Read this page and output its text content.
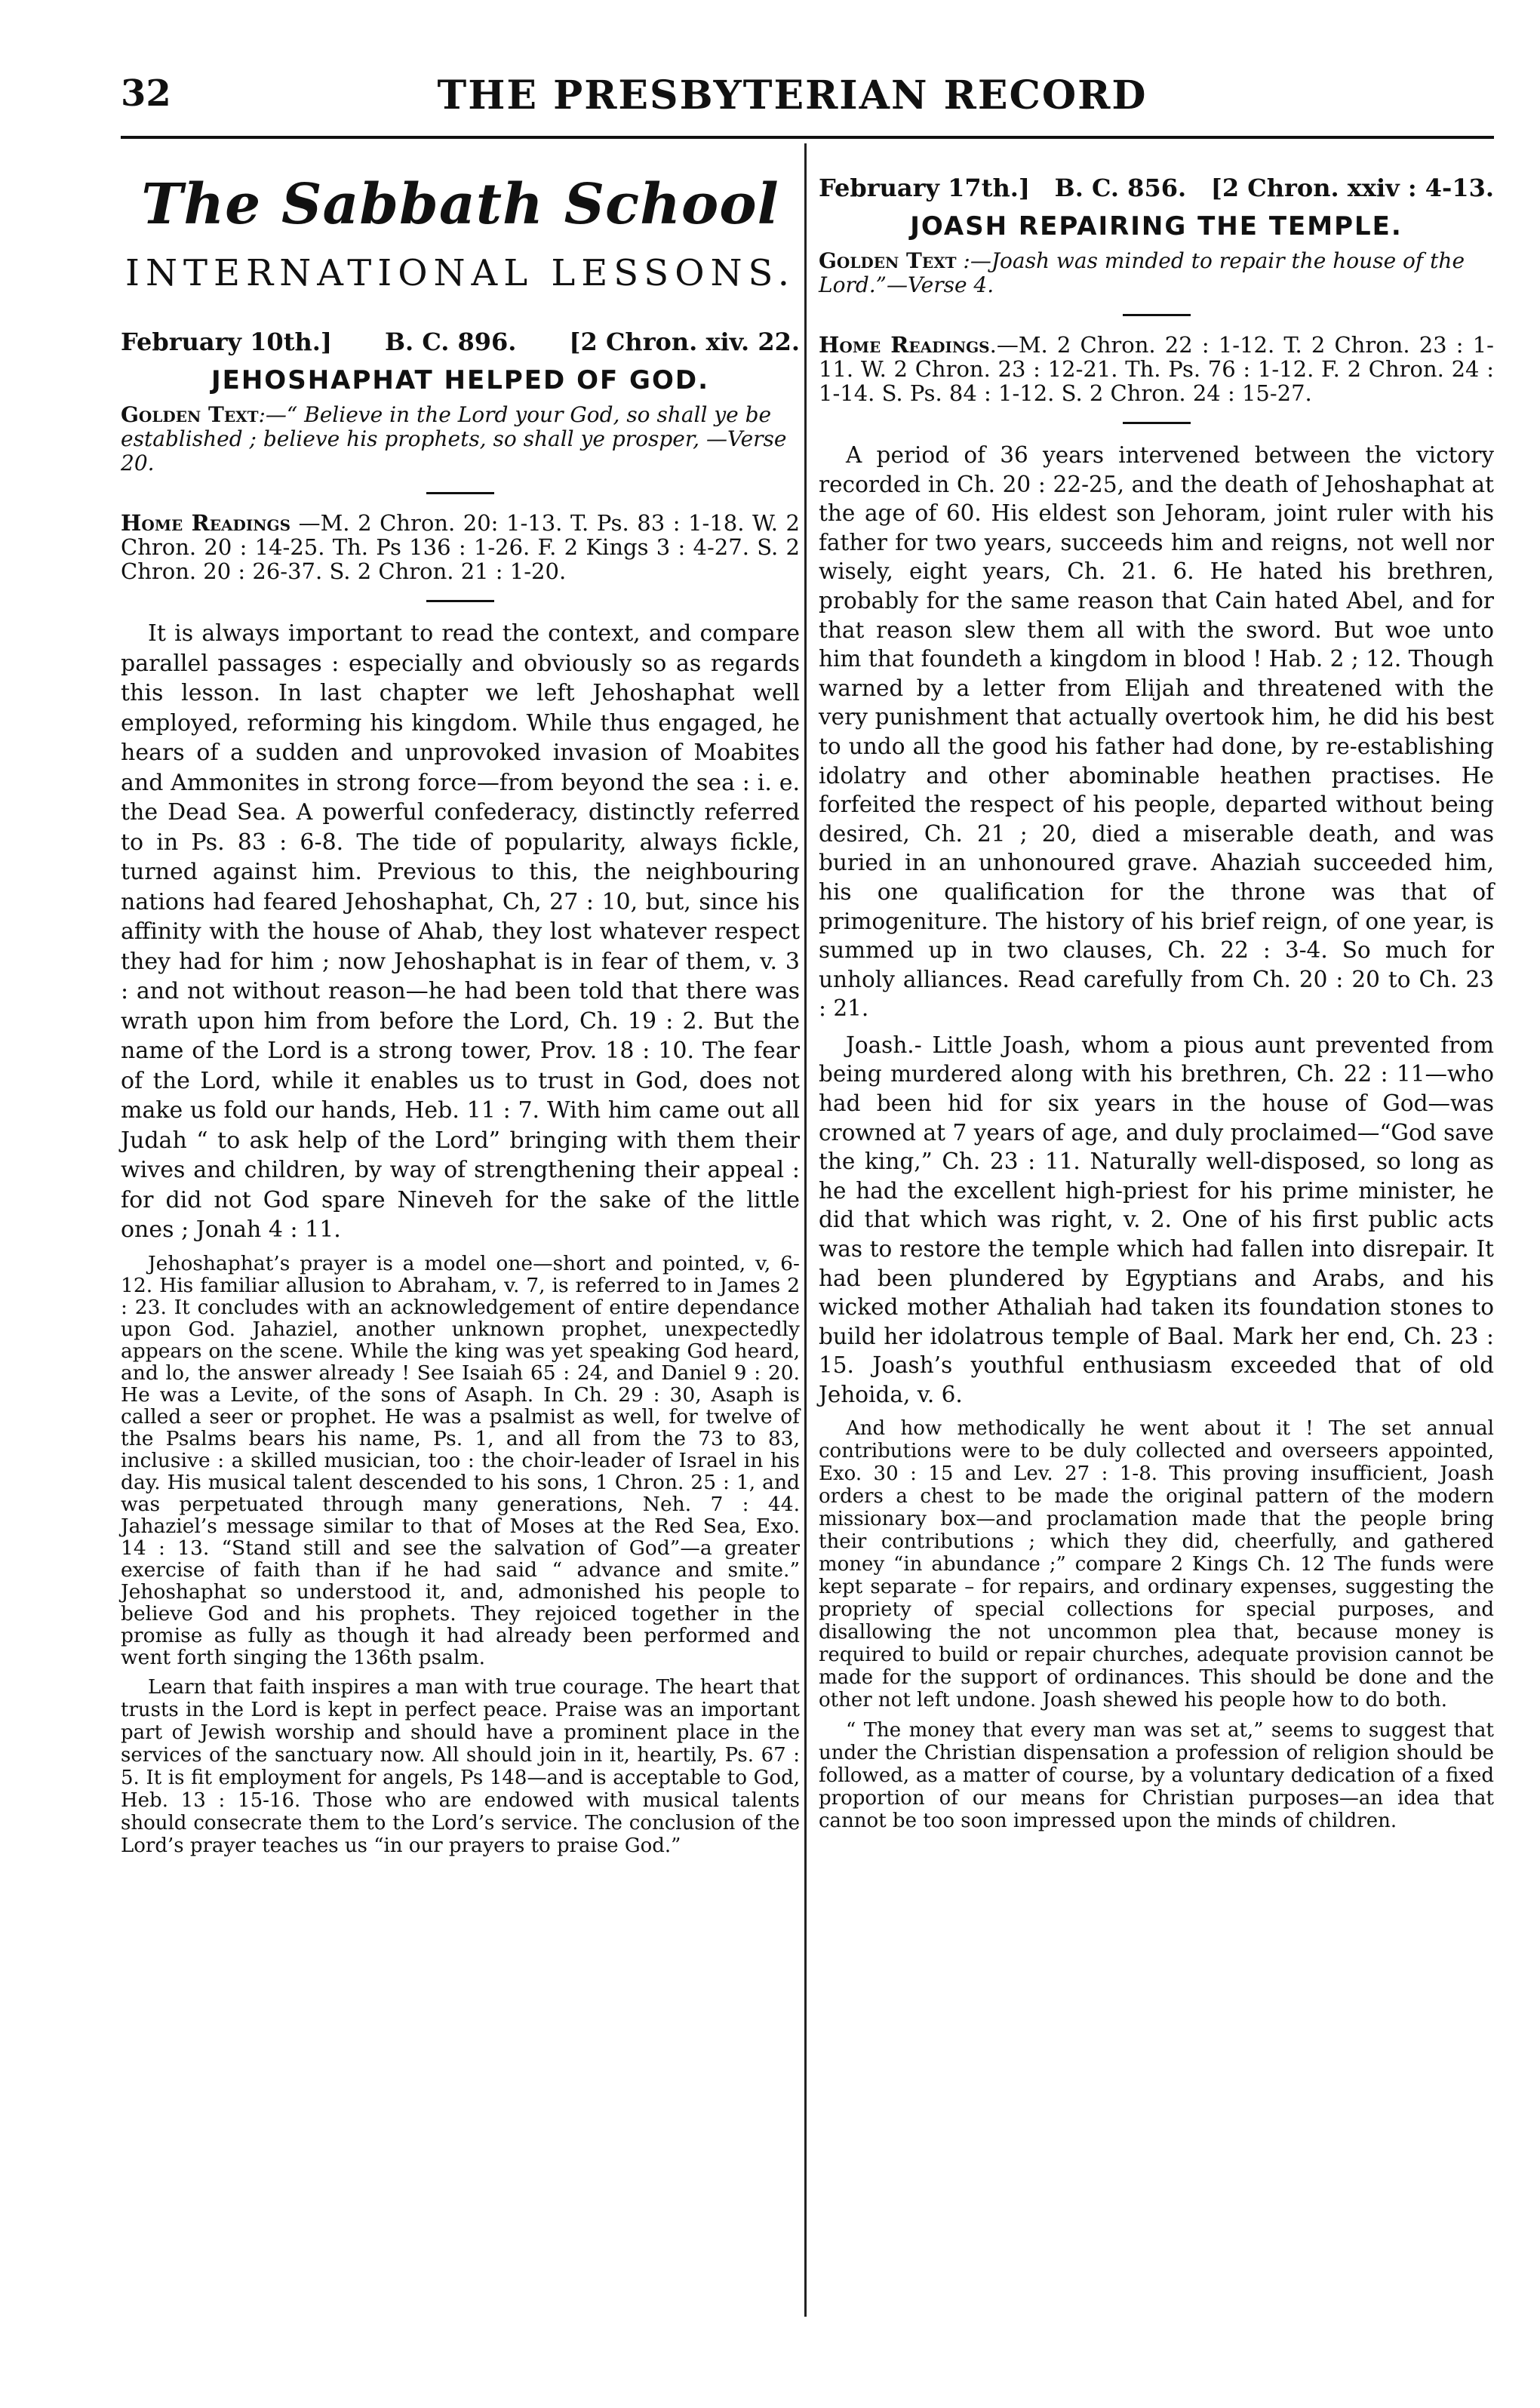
32	THE PRESBYTERIAN RECORD
The Sabbath School
INTERNATIONAL LESSONS.
February 10th.] B. C. 896. [2 Chron. xiv. 22.
JEHOSHAPHAT HELPED OF GOD.

Golden Text:—“ Believe in the Lord your God, so shall ye be established ; believe his prophets, so shall ye prosper, —Verse 20.

Home Readings —M. 2 Chron. 20: 1-13. T. Ps. 83 : 1-18. W. 2 Chron. 20 : 14-25. Th. Ps 136 : 1-26. F. 2 Kings 3 : 4-27. S. 2 Chron. 20 : 26-37. S. 2 Chron. 21 : 1-20.

It is always important to read the context, and compare parallel passages : especially and obviously so as regards this lesson. In last chapter we left Jehoshaphat well employed, reforming his kingdom. While thus engaged, he hears of a sudden and unprovoked invasion of Moabites and Ammonites in strong force—from beyond the sea : i. e. the Dead Sea. A powerful confederacy, distinctly referred to in Ps. 83 : 6-8. The tide of popularity, always fickle, turned against him. Previous to this, the neighbouring nations had feared Jehoshaphat, Ch, 27 : 10, but, since his affinity with the house of Ahab, they lost whatever respect they had for him ; now Jehoshaphat is in fear of them, v. 3 : and not without reason—he had been told that there was wrath upon him from before the Lord, Ch. 19 : 2. But the name of the Lord is a strong tower, Prov. 18 : 10. The fear of the Lord, while it enables us to trust in God, does not make us fold our hands, Heb. 11 : 7. With him came out all Judah “ to ask help of the Lord” bringing with them their wives and children, by way of strengthening their appeal : for did not God spare Nineveh for the sake of the little ones ; Jonah 4 : 11.

Jehoshaphat’s prayer is a model one—short and pointed, v, 6-12. His familiar allusion to Abraham, v. 7, is referred to in James 2 : 23. It concludes with an acknowledgement of entire dependance upon God. Jahaziel, another unknown prophet, unexpectedly appears on the scene. While the king was yet speaking God heard, and lo, the answer already ! See Isaiah 65 : 24, and Daniel 9 : 20. He was a Levite, of the sons of Asaph. In Ch. 29 : 30, Asaph is called a seer or prophet. He was a psalmist as well, for twelve of the Psalms bears his name, Ps. 1, and all from the 73 to 83, inclusive : a skilled musician, too : the choir-leader of Israel in his day. His musical talent descended to his sons, 1 Chron. 25 : 1, and was perpetuated through many generations, Neh. 7 : 44. Jahaziel’s message similar to that of Moses at the Red Sea, Exo. 14 : 13. “Stand still and see the salvation of God”—a greater exercise of faith than if he had said “ advance and smite.” Jehoshaphat so understood it, and, admonished his people to believe God and his prophets. They rejoiced together in the promise as fully as though it had already been performed and went forth singing the 136th psalm.

Learn that faith inspires a man with true courage. The heart that trusts in the Lord is kept in perfect peace. Praise was an important part of Jewish worship and should have a prominent place in the services of the sanctuary now. All should join in it, heartily, Ps. 67 : 5. It is fit employment for angels, Ps 148—and is acceptable to God, Heb. 13 : 15-16. Those who are endowed with musical talents should consecrate them to the Lord’s service. The conclusion of the Lord’s prayer teaches us “in our prayers to praise God.”

February 17th.] B. C. 856. [2 Chron. xxiv : 4-13.
JOASH REPAIRING THE TEMPLE.

Golden Text :—Joash was minded to repair the house of the Lord.”—Verse 4.

Home Readings.—M. 2 Chron. 22 : 1-12. T. 2 Chron. 23 : 1-11. W. 2 Chron. 23 : 12-21. Th. Ps. 76 : 1-12. F. 2 Chron. 24 : 1-14. S. Ps. 84 : 1-12. S. 2 Chron. 24 : 15-27.

A period of 36 years intervened between the victory recorded in Ch. 20 : 22-25, and the death of Jehoshaphat at the age of 60. His eldest son Jehoram, joint ruler with his father for two years, succeeds him and reigns, not well nor wisely, eight years, Ch. 21. 6. He hated his brethren, probably for the same reason that Cain hated Abel, and for that reason slew them all with the sword. But woe unto him that foundeth a kingdom in blood ! Hab. 2 ; 12. Though warned by a letter from Elijah and threatened with the very punishment that actually overtook him, he did his best to undo all the good his father had done, by re-establishing idolatry and other abominable heathen practises. He forfeited the respect of his people, departed without being desired, Ch. 21 ; 20, died a miserable death, and was buried in an unhonoured grave. Ahaziah succeeded him, his one qualification for the throne was that of primogeniture. The history of his brief reign, of one year, is summed up in two clauses, Ch. 22 : 3-4. So much for unholy alliances. Read carefully from Ch. 20 : 20 to Ch. 23 : 21.

Joash.- Little Joash, whom a pious aunt prevented from being murdered along with his brethren, Ch. 22 : 11—who had been hid for six years in the house of God—was crowned at 7 years of age, and duly proclaimed—“God save the king,” Ch. 23 : 11. Naturally well-disposed, so long as he had the excellent high-priest for his prime minister, he did that which was right, v. 2. One of his first public acts was to restore the temple which had fallen into disrepair. It had been plundered by Egyptians and Arabs, and his wicked mother Athaliah had taken its foundation stones to build her idolatrous temple of Baal. Mark her end, Ch. 23 : 15. Joash’s youthful enthusiasm exceeded that of old Jehoida, v. 6.

And how methodically he went about it ! The set annual contributions were to be duly collected and overseers appointed, Exo. 30 : 15 and Lev. 27 : 1-8. This proving insufficient, Joash orders a chest to be made the original pattern of the modern missionary box—and proclamation made that the people bring their contributions ; which they did, cheerfully, and gathered money “in abundance ;” compare 2 Kings Ch. 12 The funds were kept separate – for repairs, and ordinary expenses, suggesting the propriety of special collections for special purposes, and disallowing the not uncommon plea that, because money is required to build or repair churches, adequate provision cannot be made for the support of ordinances. This should be done and the other not left undone. Joash shewed his people how to do both.

“ The money that every man was set at,” seems to suggest that under the Christian dispensation a profession of religion should be followed, as a matter of course, by a voluntary dedication of a fixed proportion of our means for Christian purposes—an idea that cannot be too soon impressed upon the minds of children.
